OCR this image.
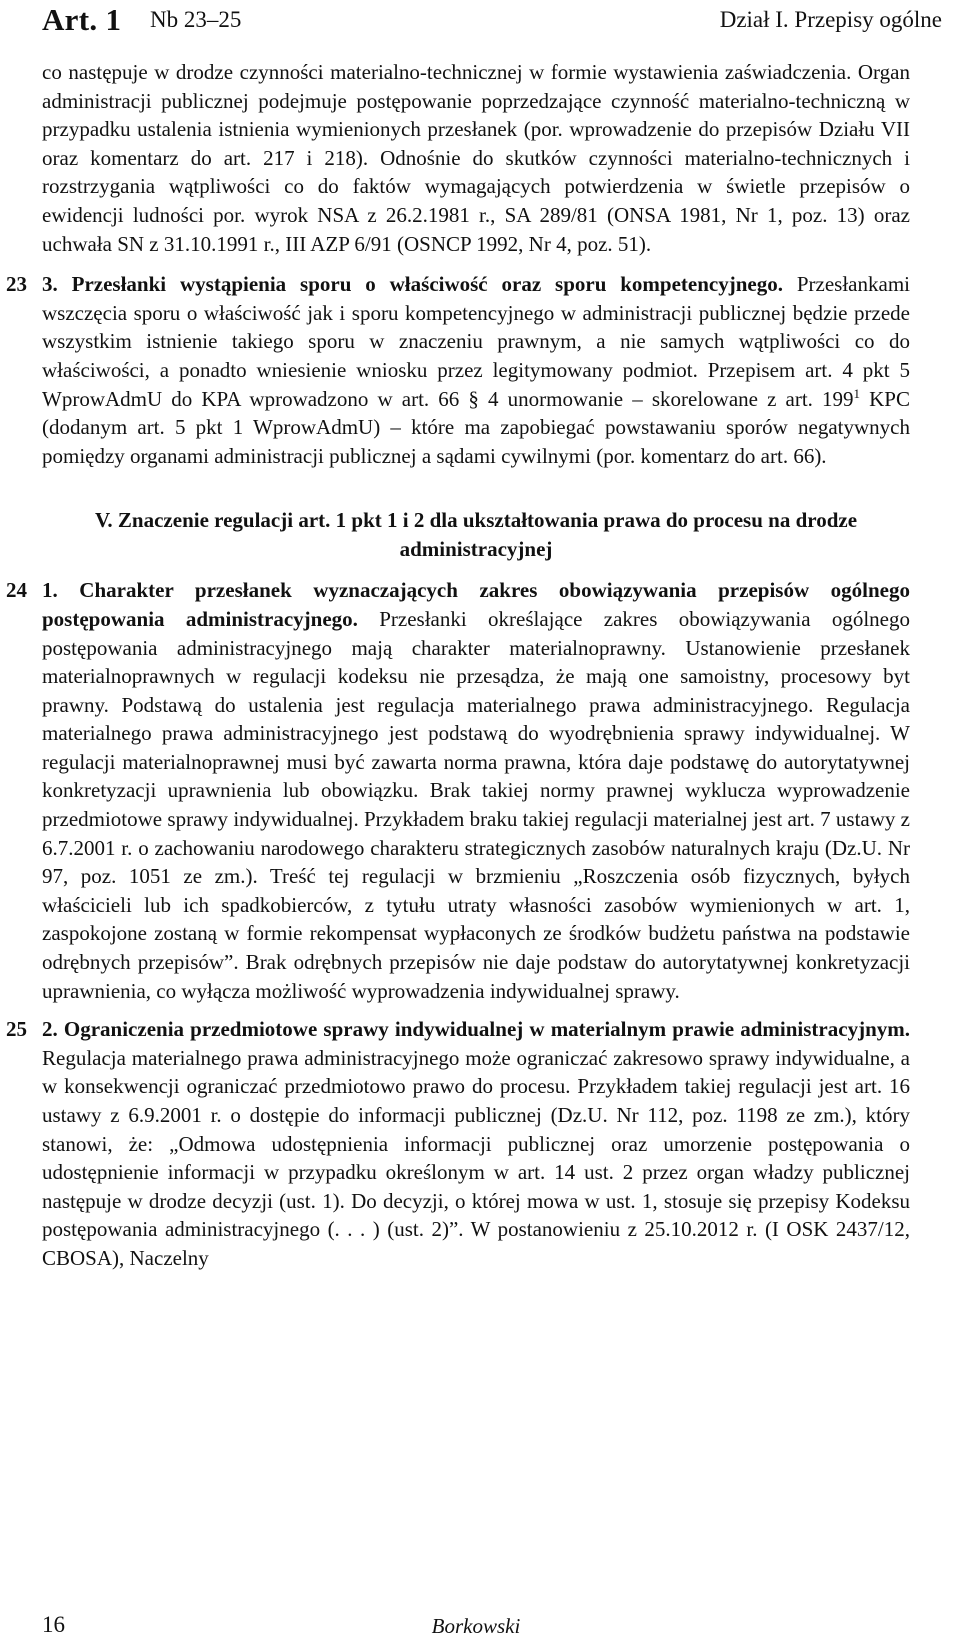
Art. 1 Nb 23–25	Dział I. Przepisy ogólne

co następuje w drodze czynności materialno-technicznej w formie wystawienia zaświadczenia. Organ administracji publicznej podejmuje postępowanie poprzedzające czynność materialno-techniczną w przypadku ustalenia istnienia wymienionych przesłanek (por. wprowadzenie do przepisów Działu VII oraz komentarz do art. 217 i 218). Odnośnie do skutków czynności materialno-technicznych i rozstrzygania wątpliwości co do faktów wymagających potwierdzenia w świetle przepisów o ewidencji ludności por. wyrok NSA z 26.2.1981 r., SA 289/81 (ONSA 1981, Nr 1, poz. 13) oraz uchwała SN z 31.10.1991 r., III AZP 6/91 (OSNCP 1992, Nr 4, poz. 51).

23 3. Przesłanki wystąpienia sporu o właściwość oraz sporu kompetencyjnego. Przesłankami wszczęcia sporu o właściwość jak i sporu kompetencyjnego w administracji publicznej będzie przede wszystkim istnienie takiego sporu w znaczeniu prawnym, a nie samych wątpliwości co do właściwości, a ponadto wniesienie wniosku przez legitymowany podmiot. Przepisem art. 4 pkt 5 WprowAdmU do KPA wprowadzono w art. 66 § 4 unormowanie – skorelowane z art. $199^1$ KPC (dodanym art. 5 pkt 1 WprowAdmU) – które ma zapobiegać powstawaniu sporów negatywnych pomiędzy organami administracji publicznej a sądami cywilnymi (por. komentarz do art. 66).

V. Znaczenie regulacji art. 1 pkt 1 i 2 dla ukształtowania prawa do procesu na drodze administracyjnej

24 1. Charakter przesłanek wyznaczających zakres obowiązywania przepisów ogólnego postępowania administracyjnego. Przesłanki określające zakres obowiązywania ogólnego postępowania administracyjnego mają charakter materialnoprawny. Ustanowienie przesłanek materialnoprawnych w regulacji kodeksu nie przesądza, że mają one samoistny, procesowy byt prawny. Podstawą do ustalenia jest regulacja materialnego prawa administracyjnego. Regulacja materialnego prawa administracyjnego jest podstawą do wyodrębnienia sprawy indywidualnej. W regulacji materialnoprawnej musi być zawarta norma prawna, która daje podstawę do autorytatywnej konkretyzacji uprawnienia lub obowiązku. Brak takiej normy prawnej wyklucza wyprowadzenie przedmiotowe sprawy indywidualnej. Przykładem braku takiej regulacji materialnej jest art. 7 ustawy z 6.7.2001 r. o zachowaniu narodowego charakteru strategicznych zasobów naturalnych kraju (Dz.U. Nr 97, poz. 1051 ze zm.). Treść tej regulacji w brzmieniu „Roszczenia osób fizycznych, byłych właścicieli lub ich spadkobierców, z tytułu utraty własności zasobów wymienionych w art. 1, zaspokojone zostaną w formie rekompensat wypłaconych ze środków budżetu państwa na podstawie odrębnych przepisów”. Brak odrębnych przepisów nie daje podstaw do autorytatywnej konkretyzacji uprawnienia, co wyłącza możliwość wyprowadzenia indywidualnej sprawy.

25 2. Ograniczenia przedmiotowe sprawy indywidualnej w materialnym prawie administracyjnym. Regulacja materialnego prawa administracyjnego może ograniczać zakresowo sprawy indywidualne, a w konsekwencji ograniczać przedmiotowo prawo do procesu. Przykładem takiej regulacji jest art. 16 ustawy z 6.9.2001 r. o dostępie do informacji publicznej (Dz.U. Nr 112, poz. 1198 ze zm.), który stanowi, że: „Odmowa udostępnienia informacji publicznej oraz umorzenie postępowania o udostępnienie informacji w przypadku określonym w art. 14 ust. 2 przez organ władzy publicznej następuje w drodze decyzji (ust. 1). Do decyzji, o której mowa w ust. 1, stosuje się przepisy Kodeksu postępowania administracyjnego (. . . ) (ust. 2)”. W postanowieniu z 25.10.2012 r. (I OSK 2437/12, CBOSA), Naczelny

16	Borkowski
